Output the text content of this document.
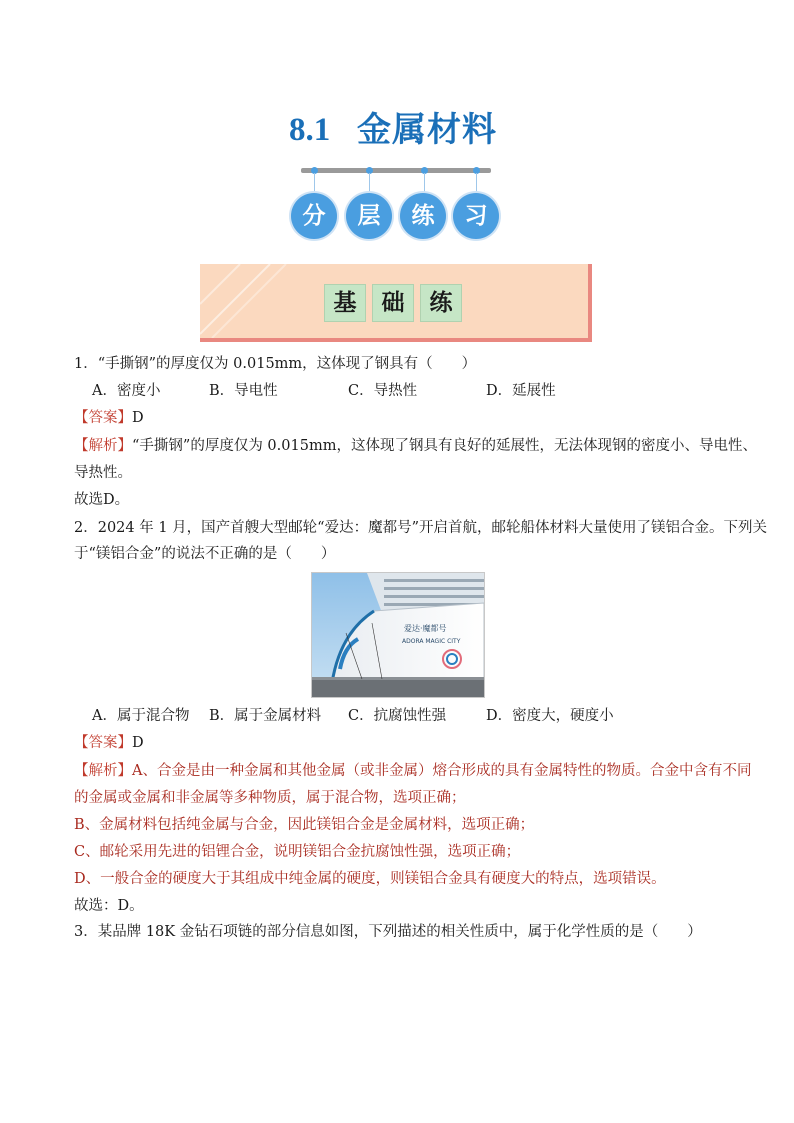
8.1 金属材料
分	层	练	习
基	础	练
1．“手撕钢”的厚度仅为 0.015mm，这体现了钢具有（　　）
A．密度小	B．导电性	C．导热性	D．延展性
【答案】D
【解析】“手撕钢”的厚度仅为 0.015mm，这体现了钢具有良好的延展性，无法体现钢的密度小、导电性、
导热性。
故选D。
2．2024 年 1 月，国产首艘大型邮轮“爱达：魔都号”开启首航，邮轮船体材料大量使用了镁铝合金。下列关
于“镁铝合金”的说法不正确的是（　　）
爱达·魔都号
ADORA MAGIC CITY
A．属于混合物 B．属于金属材料 C．抗腐蚀性强	D．密度大，硬度小
【答案】D
【解析】A、合金是由一种金属和其他金属（或非金属）熔合形成的具有金属特性的物质。合金中含有不同
的金属或金属和非金属等多种物质，属于混合物，选项正确；
B、金属材料包括纯金属与合金，因此镁铝合金是金属材料，选项正确；
C、邮轮采用先进的铝锂合金，说明镁铝合金抗腐蚀性强，选项正确；
D、一般合金的硬度大于其组成中纯金属的硬度，则镁铝合金具有硬度大的特点，选项错误。
故选：D。
3．某品牌 18K 金钻石项链的部分信息如图，下列描述的相关性质中，属于化学性质的是（　　）
